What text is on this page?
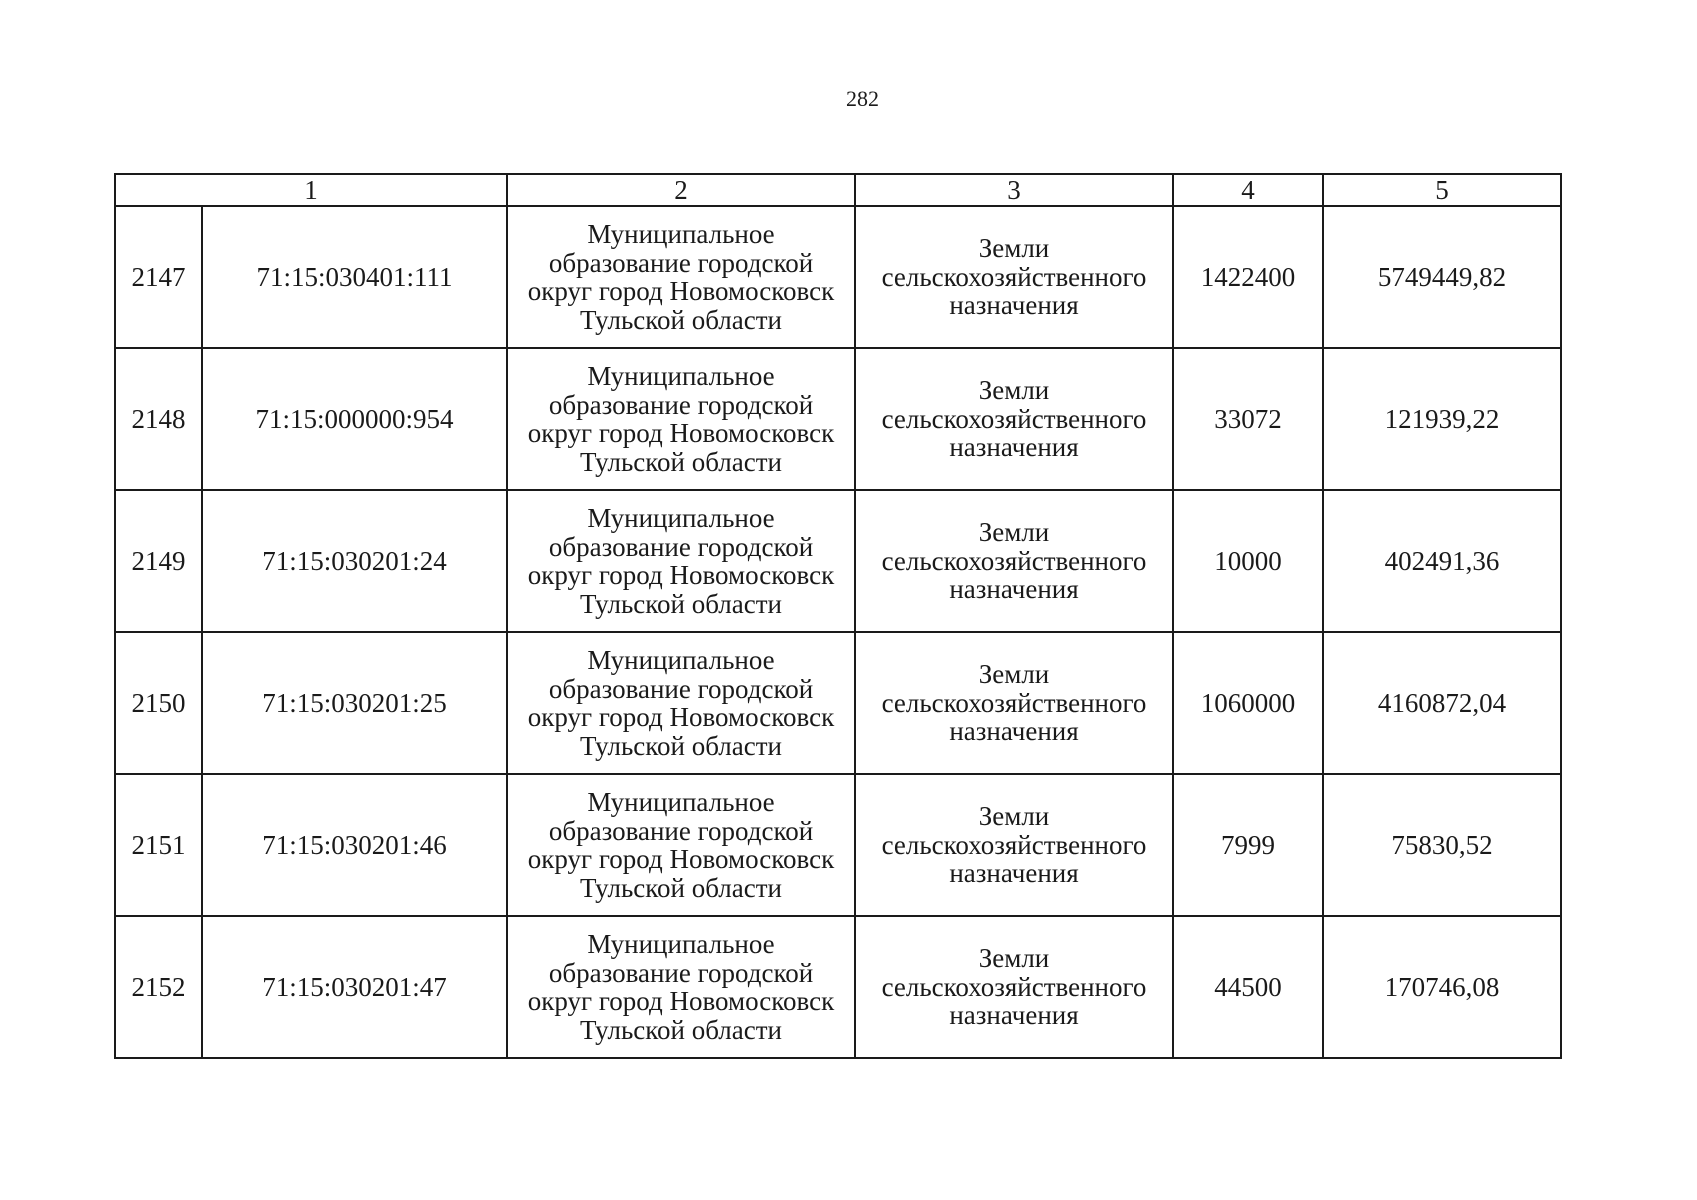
282
1		2	3	4	5
2147	71:15:030401:111	Муниципальное образование городской округ город Новомосковск Тульской области	Земли сельскохозяйственного назначения	1422400	5749449,82
2148	71:15:000000:954	Муниципальное образование городской округ город Новомосковск Тульской области	Земли сельскохозяйственного назначения	33072	121939,22
2149	71:15:030201:24	Муниципальное образование городской округ город Новомосковск Тульской области	Земли сельскохозяйственного назначения	10000	402491,36
2150	71:15:030201:25	Муниципальное образование городской округ город Новомосковск Тульской области	Земли сельскохозяйственного назначения	1060000	4160872,04
2151	71:15:030201:46	Муниципальное образование городской округ город Новомосковск Тульской области	Земли сельскохозяйственного назначения	7999	75830,52
2152	71:15:030201:47	Муниципальное образование городской округ город Новомосковск Тульской области	Земли сельскохозяйственного назначения	44500	170746,08
